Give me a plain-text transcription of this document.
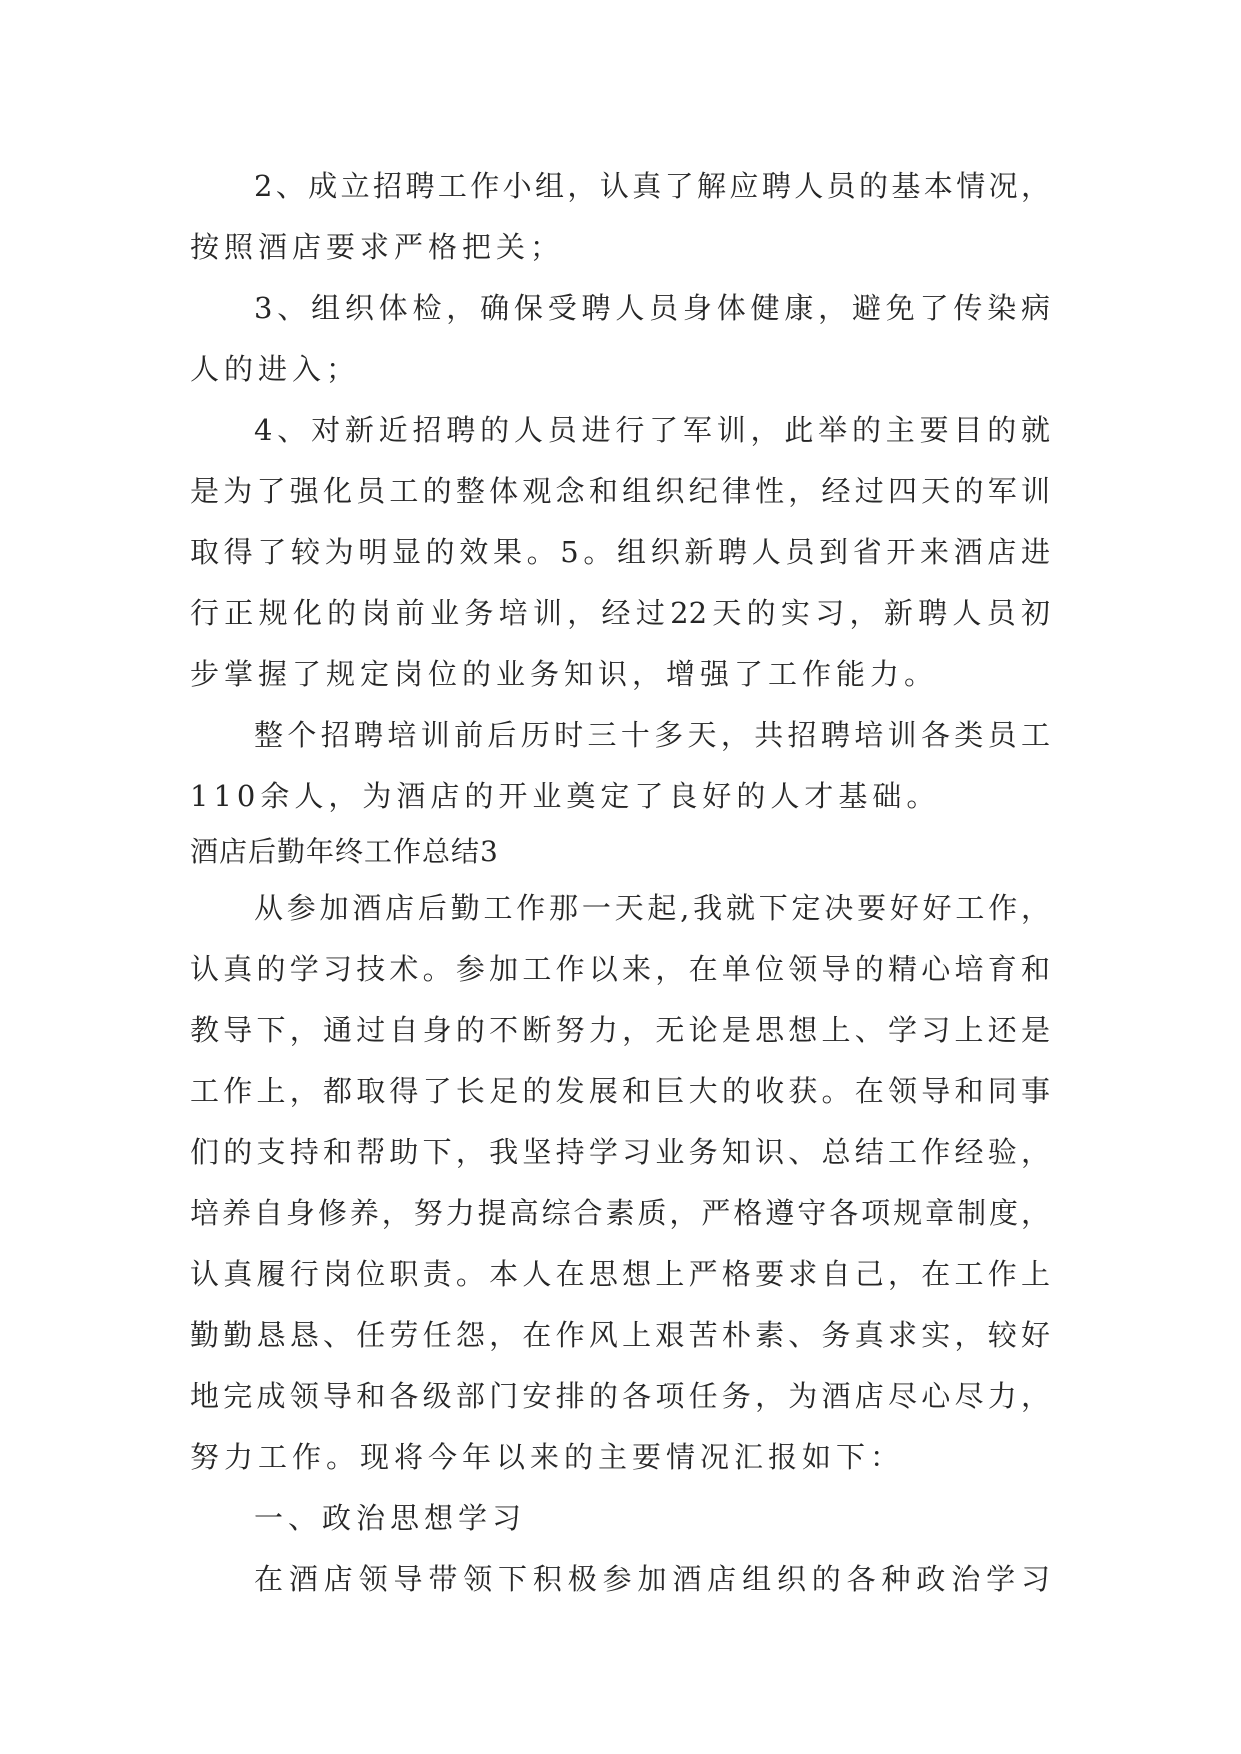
2、成立招聘工作小组，认真了解应聘人员的基本情况，
按照酒店要求严格把关；
3、组织体检，确保受聘人员身体健康，避免了传染病
人的进入；
4、对新近招聘的人员进行了军训，此举的主要目的就
是为了强化员工的整体观念和组织纪律性，经过四天的军训
取得了较为明显的效果。5。组织新聘人员到省开来酒店进
行正规化的岗前业务培训，经过22天的实习，新聘人员初
步掌握了规定岗位的业务知识，增强了工作能力。
整个招聘培训前后历时三十多天，共招聘培训各类员工
110余人，为酒店的开业奠定了良好的人才基础。
酒店后勤年终工作总结3
从参加酒店后勤工作那一天起,我就下定决要好好工作，
认真的学习技术。参加工作以来，在单位领导的精心培育和
教导下，通过自身的不断努力，无论是思想上、学习上还是
工作上，都取得了长足的发展和巨大的收获。在领导和同事
们的支持和帮助下，我坚持学习业务知识、总结工作经验，
培养自身修养，努力提高综合素质，严格遵守各项规章制度，
认真履行岗位职责。本人在思想上严格要求自己，在工作上
勤勤恳恳、任劳任怨，在作风上艰苦朴素、务真求实，较好
地完成领导和各级部门安排的各项任务，为酒店尽心尽力，
努力工作。现将今年以来的主要情况汇报如下：
一、政治思想学习
在酒店领导带领下积极参加酒店组织的各种政治学习
